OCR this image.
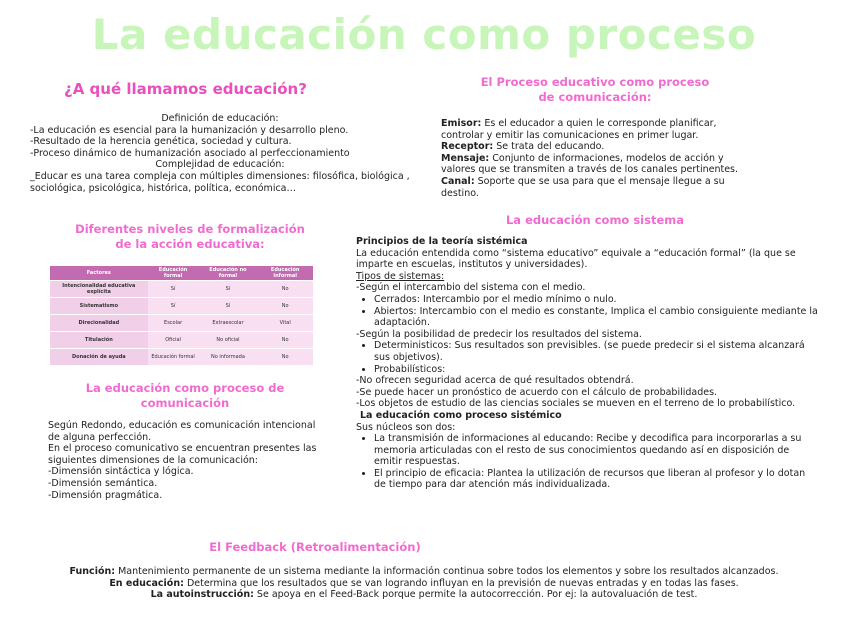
La educación como proceso
¿A qué llamamos educación?
Definición de educación:
-La educación es esencial para la humanización y desarrollo pleno.
-Resultado de la herencia genética, sociedad y cultura.
-Proceso dinámico de humanización asociado al perfeccionamiento
Complejidad de educación:
_Educar es una tarea compleja con múltiples dimensiones: filosófica, biológica , sociológica, psicológica, histórica, política, económica…
Diferentes niveles de formalización
de la acción educativa:
Factores	Educación formal	Educación no formal	Educación informal
Intencionalidad educativa explícita	Sí	Sí	No
Sistematismo	Sí	Sí	No
Direcionalidad	Escolar	Extraescolar	Vital
Titulación	Oficial	No oficial	No
Donación de ayuda	Educación formal	No informada	No
La educación como proceso de
comunicación
Según Redondo, educación es comunicación intencional de alguna perfección.
En el proceso comunicativo se encuentran presentes las siguientes dimensiones de la comunicación:
-Dimensión sintáctica y lógica.
-Dimensión semántica.
-Dimensión pragmática.
El Proceso educativo como proceso
de comunicación:
Emisor: Es el educador a quien le corresponde planificar, controlar y emitir las comunicaciones en primer lugar.
Receptor: Se trata del educando.
Mensaje: Conjunto de informaciones, modelos de acción y valores que se transmiten a través de los canales pertinentes.
Canal: Soporte que se usa para que el mensaje llegue a su destino.
La educación como sistema
Principios de la teoría sistémica
La educación entendida como “sistema educativo” equivale a “educación formal” (la que se imparte en escuelas, institutos y universidades).
Tipos de sistemas:
-Según el intercambio del sistema con el medio.
• Cerrados: Intercambio por el medio mínimo o nulo.
• Abiertos: Intercambio con el medio es constante, Implica el cambio consiguiente mediante la adaptación.
-Según la posibilidad de predecir los resultados del sistema.
• Deterministicos: Sus resultados son previsibles. (se puede predecir si el sistema alcanzará sus objetivos).
• Probabilísticos:
-No ofrecen seguridad acerca de qué resultados obtendrá.
-Se puede hacer un pronóstico de acuerdo con el cálculo de probabilidades.
-Los objetos de estudio de las ciencias sociales se mueven en el terreno de lo probabilístico.
La educación como proceso sistémico
Sus núcleos son dos:
• La transmisión de informaciones al educando: Recibe y decodifica para incorporarlas a su memoria articuladas con el resto de sus conocimientos quedando así en disposición de emitir respuestas.
• El principio de eficacia: Plantea la utilización de recursos que liberan al profesor y lo dotan de tiempo para dar atención más individualizada.
El Feedback (Retroalimentación)
Función: Mantenimiento permanente de un sistema mediante la información continua sobre todos los elementos y sobre los resultados alcanzados.
En educación: Determina que los resultados que se van logrando influyan en la previsión de nuevas entradas y en todas las fases.
La autoinstrucción: Se apoya en el Feed-Back porque permite la autocorrección. Por ej: la autovaluación de test.
